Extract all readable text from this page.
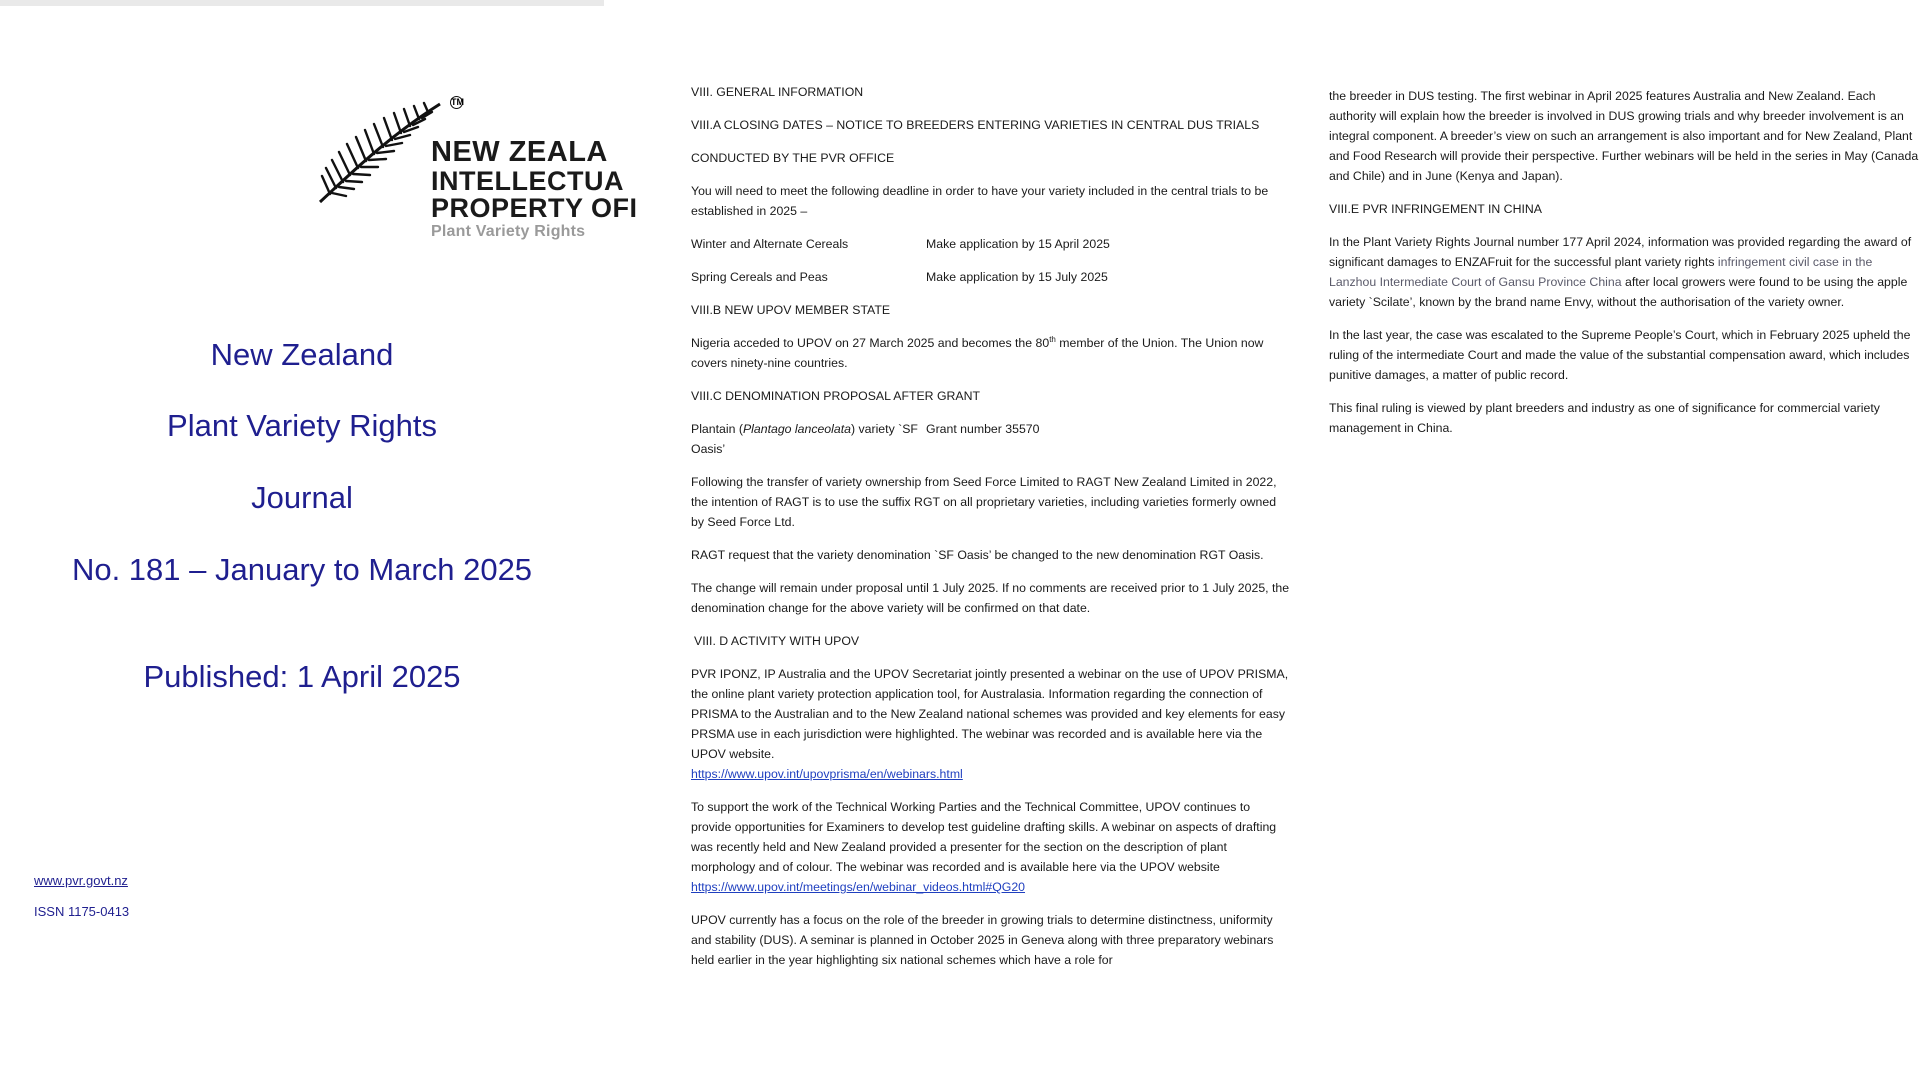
TM
NEW ZEALA
INTELLECTUA
PROPERTY OFI
Plant Variety Rights
New Zealand
Plant Variety Rights
Journal
No. 181 – January to March 2025
Published: 1 April 2025
www.pvr.govt.nz
ISSN 1175-0413
VIII. GENERAL INFORMATION
VIII.A CLOSING DATES – NOTICE TO BREEDERS ENTERING VARIETIES IN CENTRAL DUS TRIALS
CONDUCTED BY THE PVR OFFICE

You will need to meet the following deadline in order to have your variety included in the central trials to be established in 2025 –

Winter and Alternate Cereals	Make application by 15 April 2025
Spring Cereals and Peas	Make application by 15 July 2025
VIII.B NEW UPOV MEMBER STATE

Nigeria acceded to UPOV on 27 March 2025 and becomes the 80th member of the Union. The Union now covers ninety-nine countries.

VIII.C DENOMINATION PROPOSAL AFTER GRANT
Plantain (Plantago lanceolata) variety `SF Oasis’
Grant number 35570

Following the transfer of variety ownership from Seed Force Limited to RAGT New Zealand Limited in 2022, the intention of RAGT is to use the suffix RGT on all proprietary varieties, including varieties formerly owned by Seed Force Ltd.

RAGT request that the variety denomination `SF Oasis’ be changed to the new denomination RGT Oasis.

The change will remain under proposal until 1 July 2025. If no comments are received prior to 1 July 2025, the denomination change for the above variety will be confirmed on that date.

VIII. D ACTIVITY WITH UPOV

PVR IPONZ, IP Australia and the UPOV Secretariat jointly presented a webinar on the use of UPOV PRISMA, the online plant variety protection application tool, for Australasia. Information regarding the connection of PRISMA to the Australian and to the New Zealand national schemes was provided and key elements for easy PRSMA use in each jurisdiction were highlighted. The webinar was recorded and is available here via the UPOV website.
https://www.upov.int/upovprisma/en/webinars.html

To support the work of the Technical Working Parties and the Technical Committee, UPOV continues to provide opportunities for Examiners to develop test guideline drafting skills. A webinar on aspects of drafting was recently held and New Zealand provided a presenter for the section on the description of plant morphology and of colour. The webinar was recorded and is available here via the UPOV website https://www.upov.int/meetings/en/webinar_videos.html#QG20

UPOV currently has a focus on the role of the breeder in growing trials to determine distinctness, uniformity and stability (DUS). A seminar is planned in October 2025 in Geneva along with three preparatory webinars held earlier in the year highlighting six national schemes which have a role for

the breeder in DUS testing. The first webinar in April 2025 features Australia and New Zealand. Each authority will explain how the breeder is involved in DUS growing trials and why breeder involvement is an integral component. A breeder’s view on such an arrangement is also important and for New Zealand, Plant and Food Research will provide their perspective. Further webinars will be held in the series in May (Canada and Chile) and in June (Kenya and Japan).

VIII.E PVR INFRINGEMENT IN CHINA

In the Plant Variety Rights Journal number 177 April 2024, information was provided regarding the award of significant damages to ENZAFruit for the successful plant variety rights infringement civil case in the Lanzhou Intermediate Court of Gansu Province China after local growers were found to be using the apple variety `Scilate’, known by the brand name Envy, without the authorisation of the variety owner.

In the last year, the case was escalated to the Supreme People’s Court, which in February 2025 upheld the ruling of the intermediate Court and made the value of the substantial compensation award, which includes punitive damages, a matter of public record.

This final ruling is viewed by plant breeders and industry as one of significance for commercial variety management in China.
